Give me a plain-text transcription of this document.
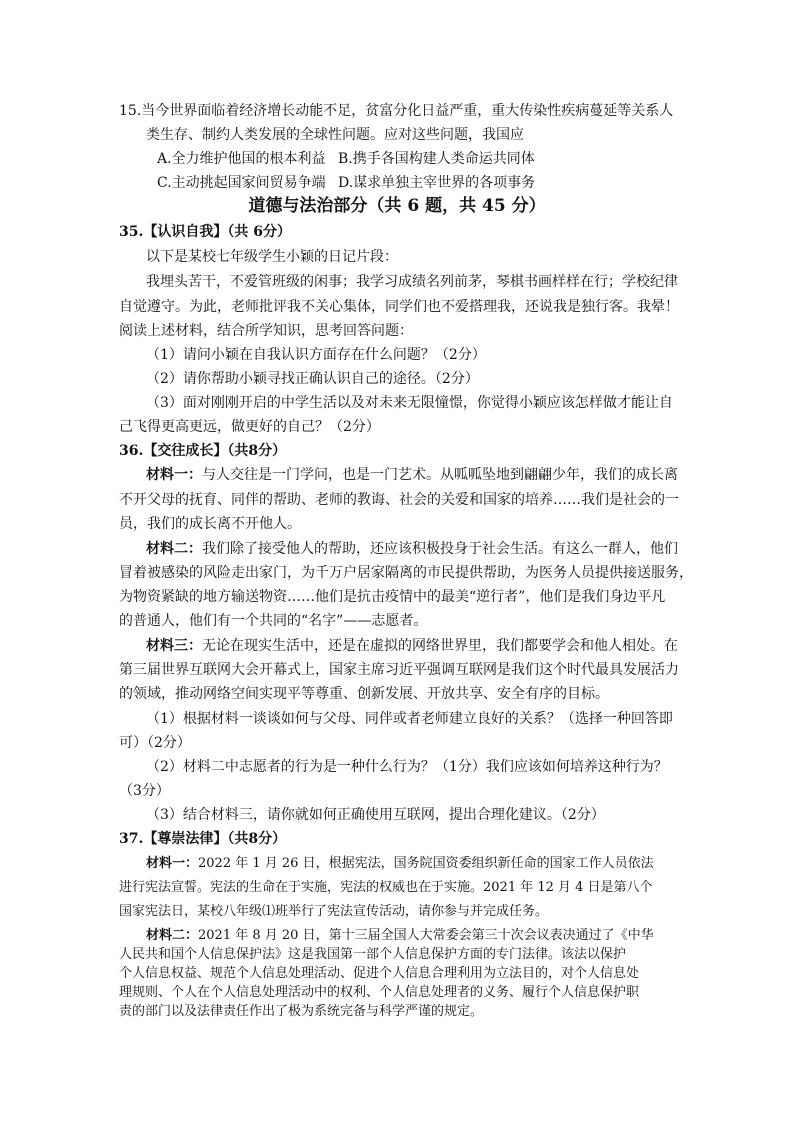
15.当今世界面临着经济增长动能不足，贫富分化日益严重，重大传染性疾病蔓延等关系人
类生存、制约人类发展的全球性问题。应对这些问题，我国应
A.全力维护他国的根本利益 B.携手各国构建人类命运共同体
C.主动挑起国家间贸易争端 D.谋求单独主宰世界的各项事务
道德与法治部分（共 6 题，共 45 分）
35.【认识自我】（共 6分）
以下是某校七年级学生小颖的日记片段：
我埋头苦干，不爱管班级的闲事；我学习成绩名列前茅，琴棋书画样样在行；学校纪律
自觉遵守。为此，老师批评我不关心集体，同学们也不爱搭理我，还说我是独行客。我晕！
阅读上述材料，结合所学知识，思考回答问题：
（1）请问小颖在自我认识方面存在什么问题？（2分）
（2）请你帮助小颖寻找正确认识自己的途径。（2分）
（3）面对刚刚开启的中学生活以及对未来无限憧憬，你觉得小颖应该怎样做才能让自
己飞得更高更远，做更好的自己？（2分）
36.【交往成长】（共8分）
材料一：与人交往是一门学问，也是一门艺术。从呱呱坠地到翩翩少年，我们的成长离
不开父母的抚育、同伴的帮助、老师的教诲、社会的关爱和国家的培养……我们是社会的一
员，我们的成长离不开他人。
材料二：我们除了接受他人的帮助，还应该积极投身于社会生活。有这么一群人，他们
冒着被感染的风险走出家门，为千万户居家隔离的市民提供帮助，为医务人员提供接送服务，
为物资紧缺的地方输送物资……他们是抗击疫情中的最美“逆行者”，他们是我们身边平凡
的普通人，他们有一个共同的“名字”——志愿者。
材料三：无论在现实生活中，还是在虚拟的网络世界里，我们都要学会和他人相处。在
第三届世界互联网大会开幕式上，国家主席习近平强调互联网是我们这个时代最具发展活力
的领域，推动网络空间实现平等尊重、创新发展、开放共享、安全有序的目标。
（1）根据材料一谈谈如何与父母、同伴或者老师建立良好的关系？（选择一种回答即
可）（2分）
（2）材料二中志愿者的行为是一种什么行为？（1分）我们应该如何培养这种行为？
（3分）
（3）结合材料三，请你就如何正确使用互联网，提出合理化建议。（2分）
37.【尊崇法律】（共8分）
材料一：2022 年 1 月 26 日，根据宪法，国务院国资委组织新任命的国家工作人员依法
进行宪法宣誓。宪法的生命在于实施，宪法的权威也在于实施。2021 年 12 月 4 日是第八个
国家宪法日，某校八年级⑴班举行了宪法宣传活动，请你参与并完成任务。
材料二：2021 年 8 月 20 日，第十三届全国人大常委会第三十次会议表决通过了《中华
人民共和国个人信息保护法》这是我国第一部个人信息保护方面的专门法律。该法以保护
个人信息权益、规范个人信息处理活动、促进个人信息合理利用为立法目的，对个人信息处
理规则、个人在个人信息处理活动中的权利、个人信息处理者的义务、履行个人信息保护职
责的部门以及法律责任作出了极为系统完备与科学严谨的规定。
